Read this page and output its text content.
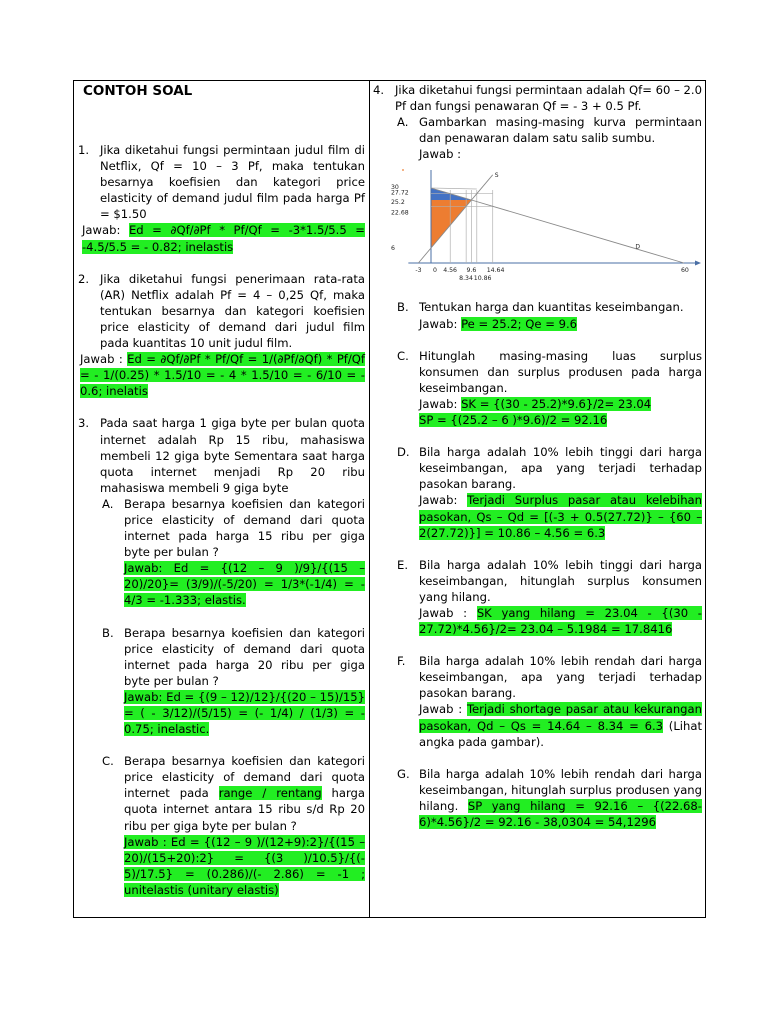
CONTOH SOAL
1. Jika diketahui fungsi permintaan judul film di Netflix, Qf = 10 – 3 Pf, maka tentukan besarnya koefisien dan kategori price elasticity of demand judul film pada harga Pf = $1.50

Jawab: Ed = ∂Qf/∂Pf * Pf/Qf = -3*1.5/5.5 = -4.5/5.5 = - 0.82; inelastis

2. Jika diketahui fungsi penerimaan rata-rata (AR) Netflix adalah Pf = 4 – 0,25 Qf, maka tentukan besarnya dan kategori koefisien price elasticity of demand dari judul film pada kuantitas 10 unit judul film.

Jawab : Ed = ∂Qf/∂Pf * Pf/Qf = 1/(∂Pf/∂Qf) * Pf/Qf = - 1/(0.25) * 1.5/10 = - 4 * 1.5/10 = - 6/10 = - 0.6; inelatis

3. Pada saat harga 1 giga byte per bulan quota internet adalah Rp 15 ribu, mahasiswa membeli 12 giga byte Sementara saat harga quota internet menjadi Rp 20 ribu mahasiswa membeli 9 giga byte

A. Berapa besarnya koefisien dan kategori price elasticity of demand dari quota internet pada harga 15 ribu per giga byte per bulan ?

Jawab: Ed = {(12 – 9 )/9}/{(15 – 20)/20}= (3/9)/(-5/20) = 1/3*(-1/4) = - 4/3 = -1.333; elastis.

B. Berapa besarnya koefisien dan kategori price elasticity of demand dari quota internet pada harga 20 ribu per giga byte per bulan ?

Jawab: Ed = {(9 – 12)/12}/{(20 – 15)/15} = ( - 3/12)/(5/15) = (- 1/4) / (1/3) = - 0.75; inelastic.

C. Berapa besarnya koefisien dan kategori price elasticity of demand dari quota internet pada range / rentang harga quota internet antara 15 ribu s/d Rp 20 ribu per giga byte per bulan ?

Jawab : Ed = {(12 – 9 )/(12+9):2}/{(15 – 20)/(15+20):2} = {(3 )/10.5}/{(- 5)/17.5} = (0.286)/(- 2.86) = -1 ; unitelastis (unitary elastis)

4. Jika diketahui fungsi permintaan adalah Qf= 60 – 2.0 Pf dan fungsi penawaran Qf = - 3 + 0.5 Pf.

A. Gambarkan masing-masing kurva permintaan dan penawaran dalam satu salib sumbu.

Jawab :

30
27.72
25.2
22.68
6
-3 0 4.56 9.6 14.64
8.34 10.86
60
S
D
B. Tentukan harga dan kuantitas keseimbangan.

Jawab: Pe = 25.2; Qe = 9.6

C. Hitunglah masing-masing luas surplus konsumen dan surplus produsen pada harga keseimbangan.

Jawab: SK = {(30 - 25.2)*9.6}/2= 23.04

SP = {(25.2 – 6 )*9.6)/2 = 92.16

D. Bila harga adalah 10% lebih tinggi dari harga keseimbangan, apa yang terjadi terhadap pasokan barang.

Jawab: Terjadi Surplus pasar atau kelebihan pasokan, Qs – Qd = [(-3 + 0.5(27.72)} – {60 – 2(27.72)}] = 10.86 – 4.56 = 6.3

E. Bila harga adalah 10% lebih tinggi dari harga keseimbangan, hitunglah surplus konsumen yang hilang.

Jawab : SK yang hilang = 23.04 - {(30 - 27.72)*4.56}/2= 23.04 – 5.1984 = 17.8416

F. Bila harga adalah 10% lebih rendah dari harga keseimbangan, apa yang terjadi terhadap pasokan barang.

Jawab : Terjadi shortage pasar atau kekurangan pasokan, Qd – Qs = 14.64 – 8.34 = 6.3 (Lihat angka pada gambar).

G. Bila harga adalah 10% lebih rendah dari harga keseimbangan, hitunglah surplus produsen yang hilang. SP yang hilang = 92.16 – {(22.68-6)*4.56}/2 = 92.16 - 38,0304 = 54,1296
